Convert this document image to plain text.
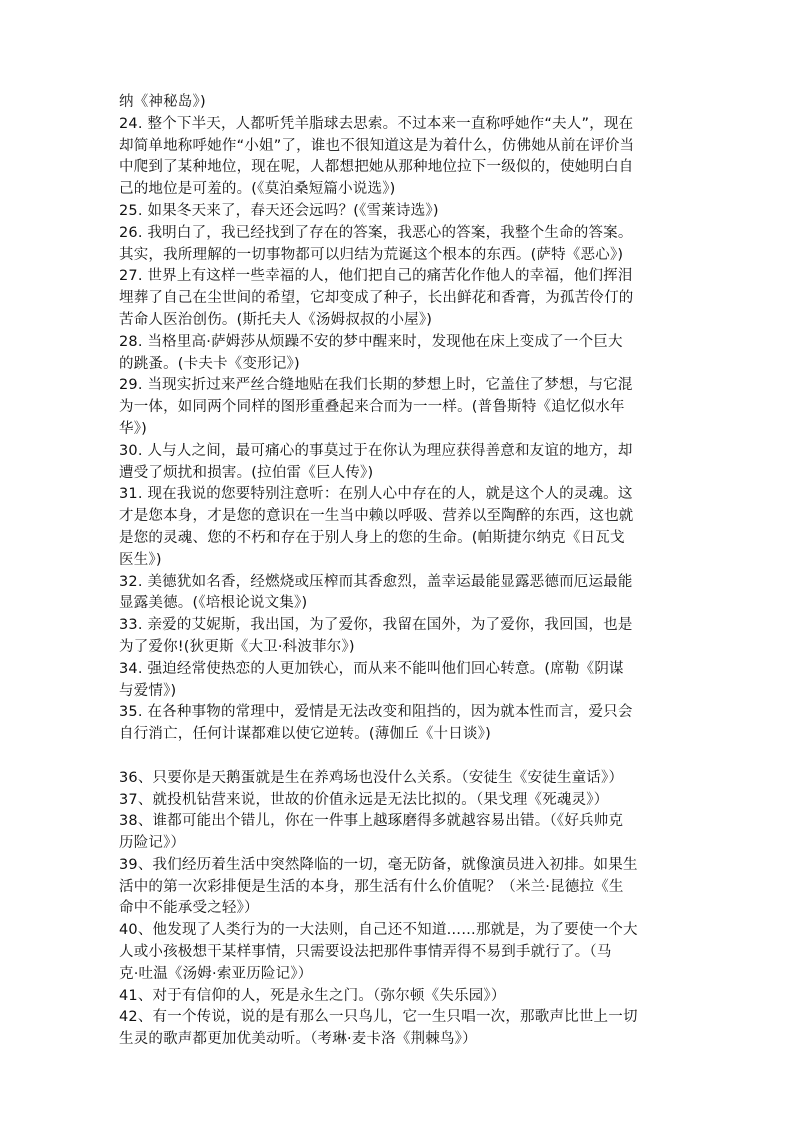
纳《神秘岛》)
24. 整个下半天，人都听凭羊脂球去思索。不过本来一直称呼她作“夫人”，现在
却简单地称呼她作“小姐”了，谁也不很知道这是为着什么，仿佛她从前在评价当
中爬到了某种地位，现在呢，人都想把她从那种地位拉下一级似的，使她明白自
己的地位是可羞的。(《莫泊桑短篇小说选》)
25. 如果冬天来了，春天还会远吗？(《雪莱诗选》)
26. 我明白了，我已经找到了存在的答案，我恶心的答案，我整个生命的答案。
其实，我所理解的一切事物都可以归结为荒诞这个根本的东西。(萨特《恶心》)
27. 世界上有这样一些幸福的人，他们把自己的痛苦化作他人的幸福，他们挥泪
埋葬了自己在尘世间的希望，它却变成了种子，长出鲜花和香膏，为孤苦伶仃的
苦命人医治创伤。(斯托夫人《汤姆叔叔的小屋》)
28. 当格里高·萨姆莎从烦躁不安的梦中醒来时，发现他在床上变成了一个巨大
的跳蚤。(卡夫卡《变形记》)
29. 当现实折过来严丝合缝地贴在我们长期的梦想上时，它盖住了梦想，与它混
为一体，如同两个同样的图形重叠起来合而为一一样。(普鲁斯特《追忆似水年
华》)
30. 人与人之间，最可痛心的事莫过于在你认为理应获得善意和友谊的地方，却
遭受了烦扰和损害。(拉伯雷《巨人传》)
31. 现在我说的您要特别注意听：在别人心中存在的人，就是这个人的灵魂。这
才是您本身，才是您的意识在一生当中赖以呼吸、营养以至陶醉的东西，这也就
是您的灵魂、您的不朽和存在于别人身上的您的生命。(帕斯捷尔纳克《日瓦戈
医生》)
32. 美德犹如名香，经燃烧或压榨而其香愈烈，盖幸运最能显露恶德而厄运最能
显露美德。(《培根论说文集》)
33. 亲爱的艾妮斯，我出国，为了爱你，我留在国外，为了爱你，我回国，也是
为了爱你!(狄更斯《大卫·科波菲尔》)
34. 强迫经常使热恋的人更加铁心，而从来不能叫他们回心转意。(席勒《阴谋
与爱情》)
35. 在各种事物的常理中，爱情是无法改变和阻挡的，因为就本性而言，爱只会
自行消亡，任何计谋都难以使它逆转。(薄伽丘《十日谈》)
36、只要你是天鹅蛋就是生在养鸡场也没什么关系。（安徒生《安徒生童话》）
37、就投机钻营来说，世故的价值永远是无法比拟的。（果戈理《死魂灵》）
38、谁都可能出个错儿，你在一件事上越琢磨得多就越容易出错。（《好兵帅克
历险记》）
39、我们经历着生活中突然降临的一切，毫无防备，就像演员进入初排。如果生
活中的第一次彩排便是生活的本身，那生活有什么价值呢？（米兰·昆德拉《生
命中不能承受之轻》）
40、他发现了人类行为的一大法则，自己还不知道……那就是，为了要使一个大
人或小孩极想干某样事情，只需要设法把那件事情弄得不易到手就行了。（马
克·吐温《汤姆·索亚历险记》）
41、对于有信仰的人，死是永生之门。（弥尔顿《失乐园》）
42、有一个传说，说的是有那么一只鸟儿，它一生只唱一次，那歌声比世上一切
生灵的歌声都更加优美动听。（考琳·麦卡洛《荆棘鸟》）
